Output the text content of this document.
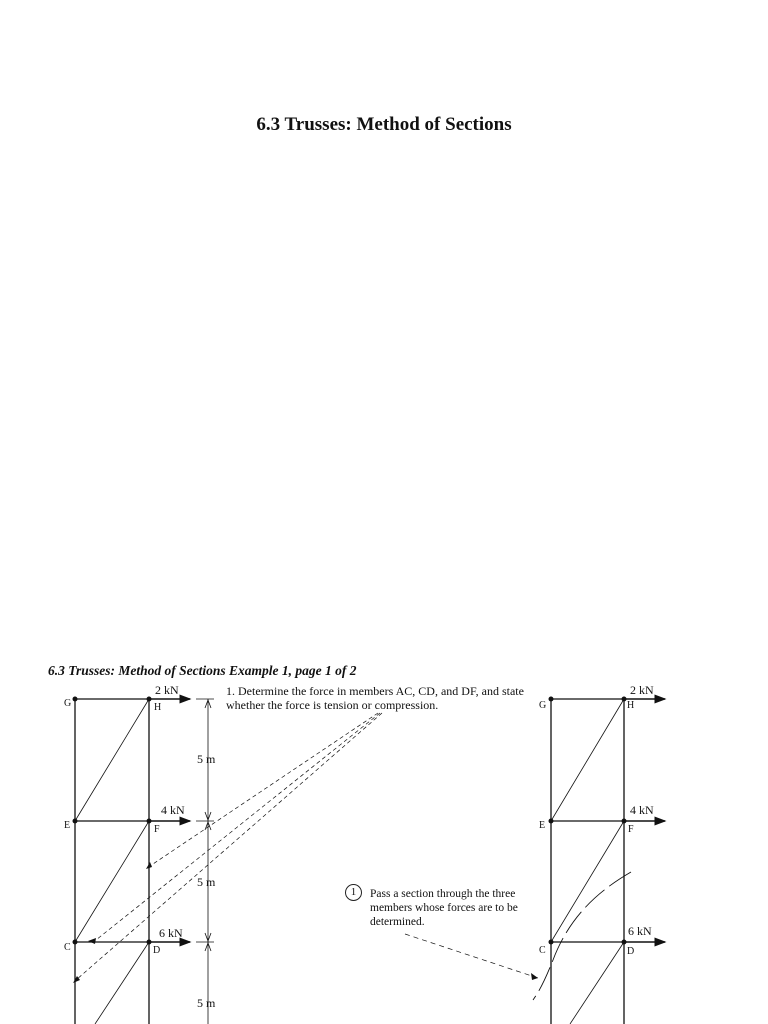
6.3 Trusses: Method of Sections
6.3 Trusses: Method of Sections Example 1, page 1 of 2
1. Determine the force in members AC, CD, and DF, and state whether the force is tension or compression.
1	Pass a section through the three members whose forces are to be determined.
G	H
E	F
C	D
2 kN
4 kN
6 kN
5 m
5 m
5 m
G	H
E	F
C	D
2 kN
4 kN
6 kN
